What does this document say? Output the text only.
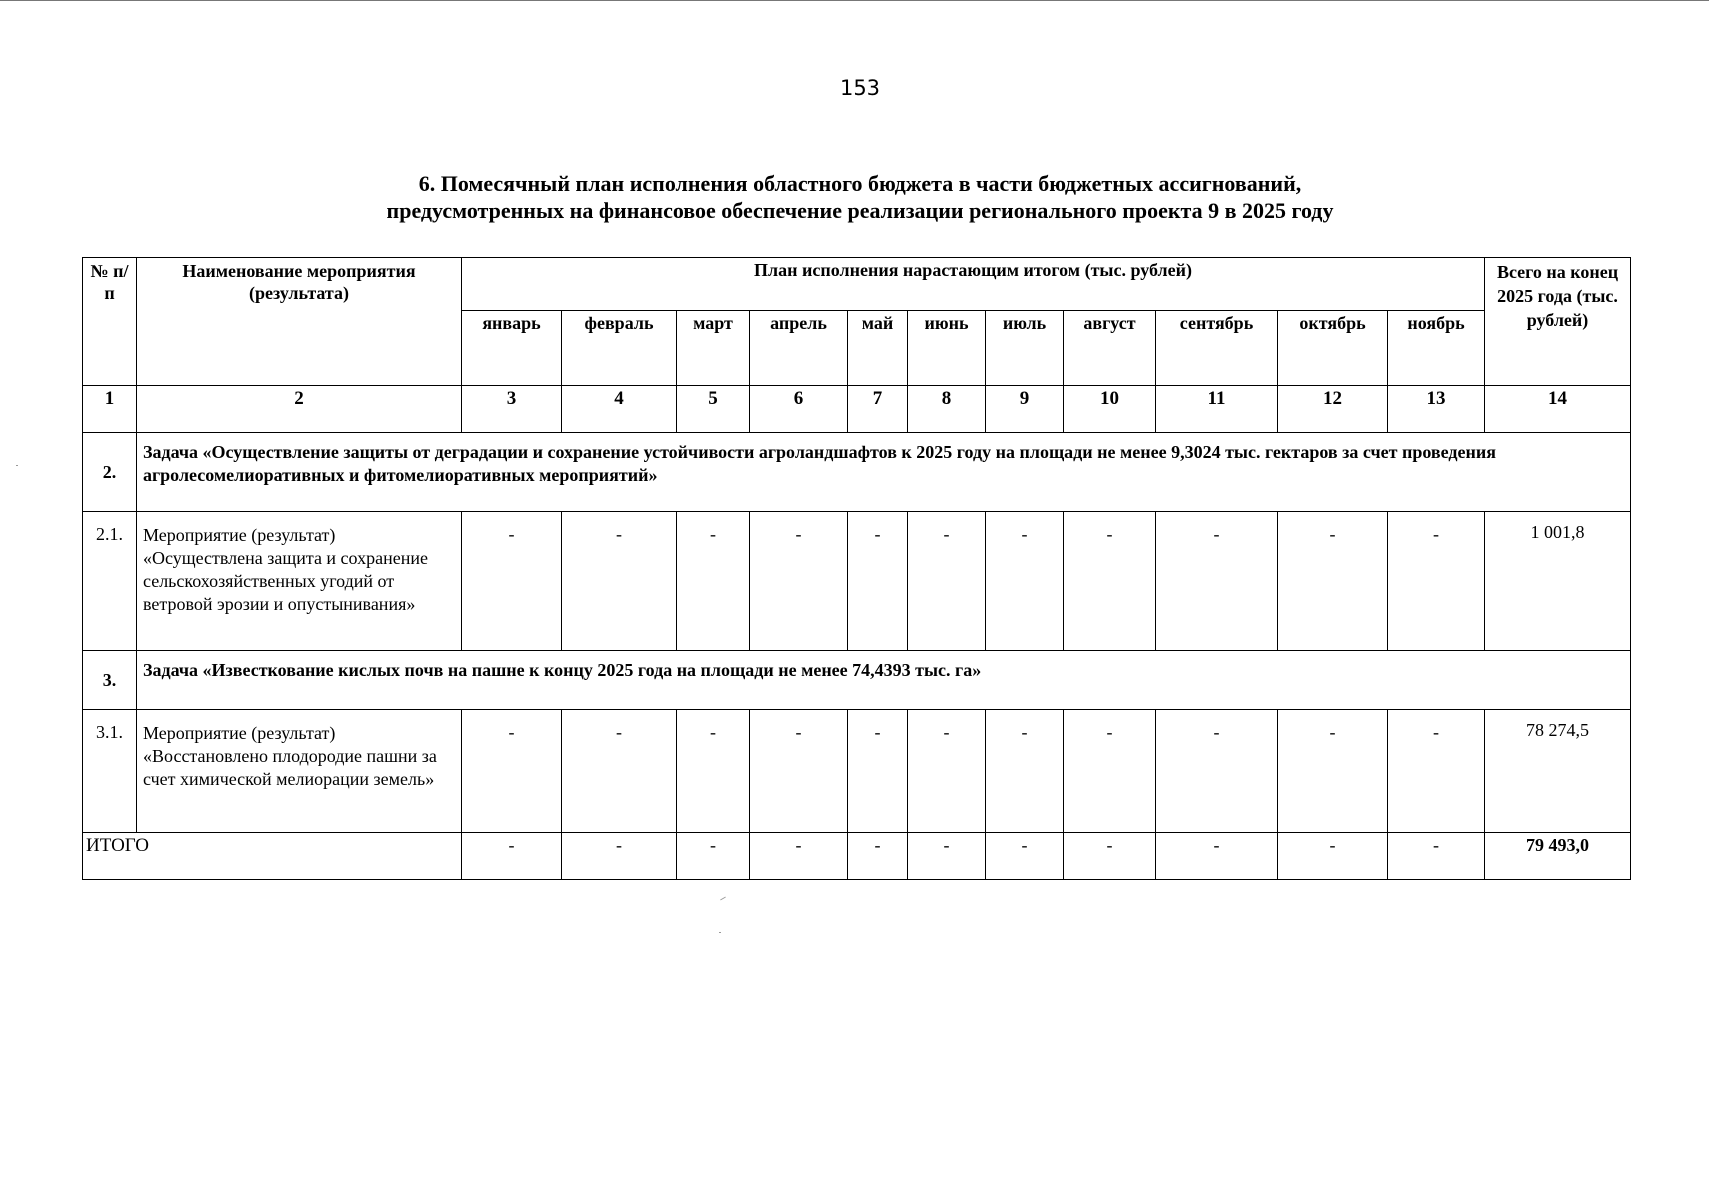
153
6. Помесячный план исполнения областного бюджета в части бюджетных ассигнований,
предусмотренных на финансовое обеспечение реализации регионального проекта 9 в 2025 году
№ п/п	Наименование мероприятия (результата)	План исполнения нарастающим итогом (тыс. рублей)											Всего на конец 2025 года (тыс. рублей)
		январь	февраль	март	апрель	май	июнь	июль	август	сентябрь	октябрь	ноябрь	
1	2	3	4	5	6	7	8	9	10	11	12	13	14
2.	Задача «Осуществление защиты от деградации и сохранение устойчивости агроландшафтов к 2025 году на площади не менее 9,3024 тыс. гектаров за счет проведения агролесомелиоративных и фитомелиоративных мероприятий»												
2.1.	Мероприятие (результат) «Осуществлена защита и сохранение сельскохозяйственных угодий от ветровой эрозии и опустынивания»	-	-	-	-	-	-	-	-	-	-	-	1 001,8
3.	Задача «Известкование кислых почв на пашне к концу 2025 года на площади не менее 74,4393 тыс. га»												
3.1.	Мероприятие (результат) «Восстановлено плодородие пашни за счет химической мелиорации земель»	-	-	-	-	-	-	-	-	-	-	-	78 274,5
ИТОГО		-	-	-	-	-	-	-	-	-	-	-	79 493,0
